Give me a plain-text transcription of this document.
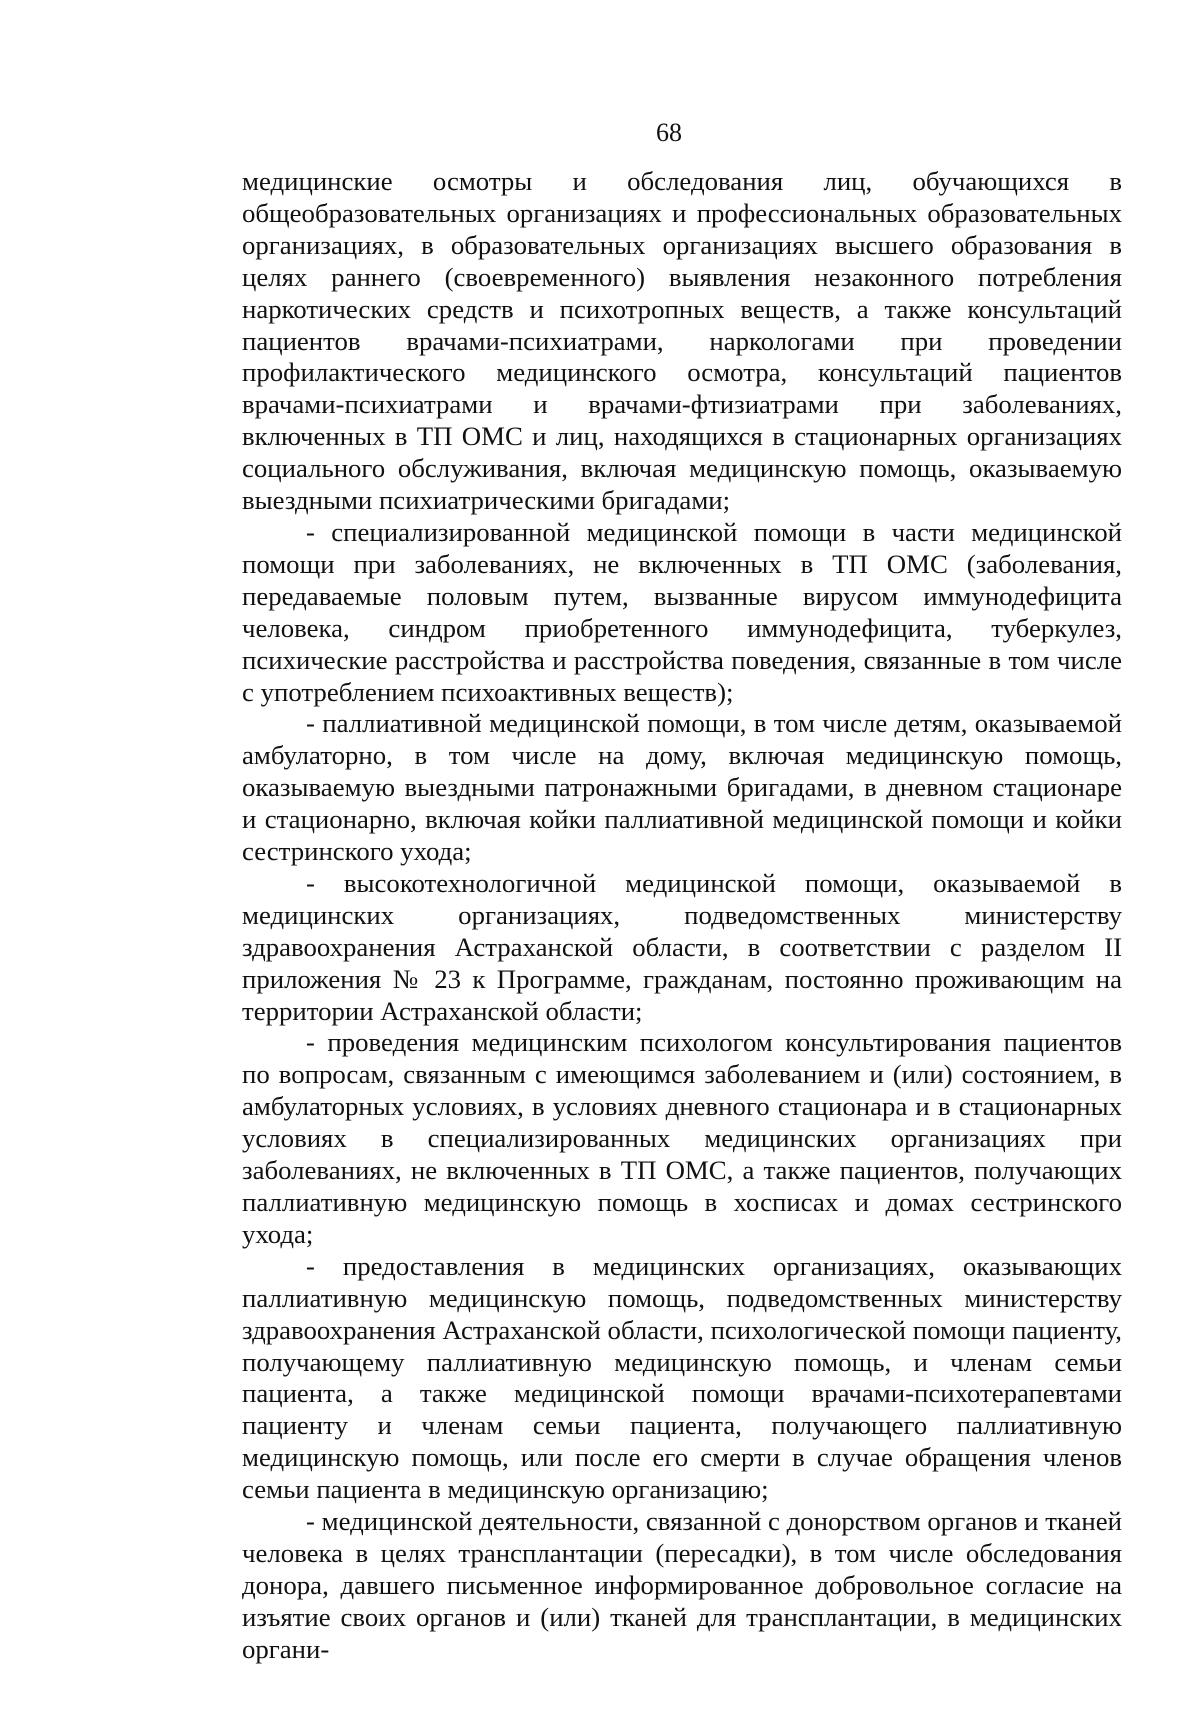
68

медицинские осмотры и обследования лиц, обучающихся в общеобразовательных организациях и профессиональных образовательных организациях, в образовательных организациях высшего образования в целях раннего (своевременного) выявления незаконного потребления наркотических средств и психотропных веществ, а также консультаций пациентов врачами-психиатрами, наркологами при проведении профилактического медицинского осмотра, консультаций пациентов врачами-психиатрами и врачами-фтизиатрами при заболеваниях, включенных в ТП ОМС и лиц, находящихся в стационарных организациях социального обслуживания, включая медицинскую помощь, оказываемую выездными психиатрическими бригадами;

- специализированной медицинской помощи в части медицинской помощи при заболеваниях, не включенных в ТП ОМС (заболевания, передаваемые половым путем, вызванные вирусом иммунодефицита человека, синдром приобретенного иммунодефицита, туберкулез, психические расстройства и расстройства поведения, связанные в том числе с употреблением психоактивных веществ);

- паллиативной медицинской помощи, в том числе детям, оказываемой амбулаторно, в том числе на дому, включая медицинскую помощь, оказываемую выездными патронажными бригадами, в дневном стационаре и стационарно, включая койки паллиативной медицинской помощи и койки сестринского ухода;

- высокотехнологичной медицинской помощи, оказываемой в медицинских организациях, подведомственных министерству здравоохранения Астраханской области, в соответствии с разделом II приложения № 23 к Программе, гражданам, постоянно проживающим на территории Астраханской области;

- проведения медицинским психологом консультирования пациентов по вопросам, связанным с имеющимся заболеванием и (или) состоянием, в амбулаторных условиях, в условиях дневного стационара и в стационарных условиях в специализированных медицинских организациях при заболеваниях, не включенных в ТП ОМС, а также пациентов, получающих паллиативную медицинскую помощь в хосписах и домах сестринского ухода;

- предоставления в медицинских организациях, оказывающих паллиативную медицинскую помощь, подведомственных министерству здравоохранения Астраханской области, психологической помощи пациенту, получающему паллиативную медицинскую помощь, и членам семьи пациента, а также медицинской помощи врачами-психотерапевтами пациенту и членам семьи пациента, получающего паллиативную медицинскую помощь, или после его смерти в случае обращения членов семьи пациента в медицинскую организацию;

- медицинской деятельности, связанной с донорством органов и тканей человека в целях трансплантации (пересадки), в том числе обследования донора, давшего письменное информированное добровольное согласие на изъятие своих органов и (или) тканей для трансплантации, в медицинских органи-
